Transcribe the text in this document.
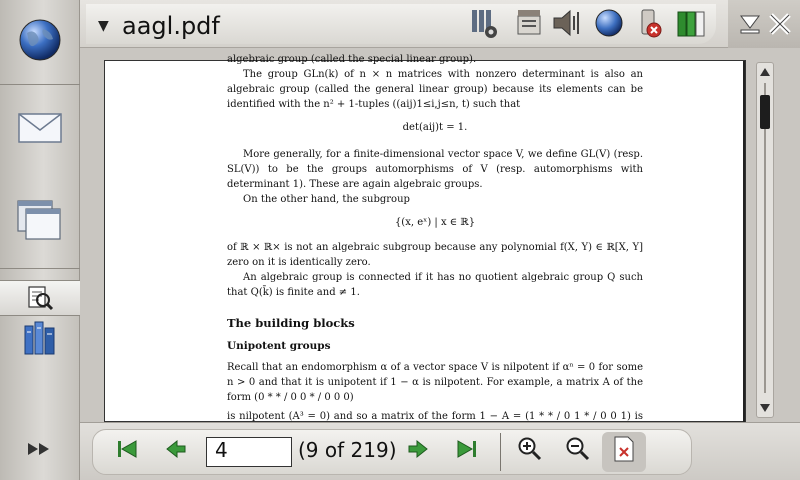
▼ aagl.pdf
algebraic group (called the special linear group).

The group GLn(k) of n × n matrices with nonzero determinant is also an algebraic group (called the general linear group) because its elements can be identified with the n² + 1-tuples ((aij)1≤i,j≤n, t) such that

det(aij)t = 1.

More generally, for a finite-dimensional vector space V, we define GL(V) (resp. SL(V)) to be the groups automorphisms of V (resp. automorphisms with determinant 1). These are again algebraic groups.

On the other hand, the subgroup

{(x, eˣ) | x ∈ ℝ}

of ℝ × ℝ× is not an algebraic subgroup because any polynomial f(X, Y) ∈ ℝ[X, Y] zero on it is identically zero.

An algebraic group is connected if it has no quotient algebraic group Q such that Q(k̄) is finite and ≠ 1.

The building blocks

Unipotent groups

Recall that an endomorphism α of a vector space V is nilpotent if αⁿ = 0 for some n > 0 and that it is unipotent if 1 − α is nilpotent. For example, a matrix A of the form (0 * * / 0 0 * / 0 0 0)

is nilpotent (A³ = 0) and so a matrix of the form 1 − A = (1 * * / 0 1 * / 0 0 1) is

4	(9 of 219)
